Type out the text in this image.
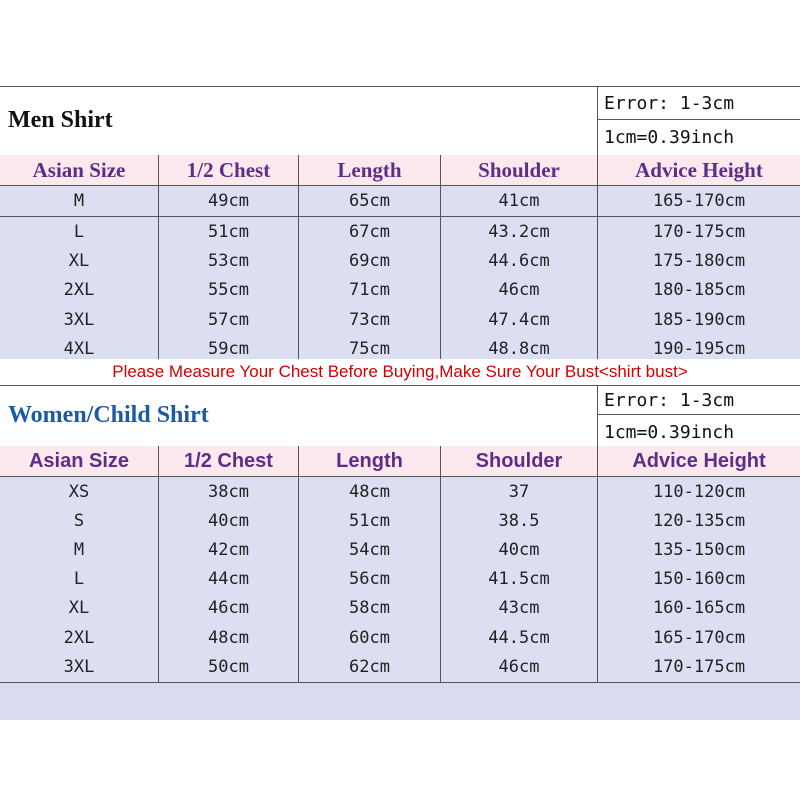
Men Shirt
Error: 1-3cm
1cm=0.39inch
Asian Size	1/2 Chest	Length	Shoulder	Advice Height
M	49cm	65cm	41cm	165-170cm
L	51cm	67cm	43.2cm	170-175cm
XL	53cm	69cm	44.6cm	175-180cm
2XL	55cm	71cm	46cm	180-185cm
3XL	57cm	73cm	47.4cm	185-190cm
4XL	59cm	75cm	48.8cm	190-195cm
Please Measure Your Chest Before Buying,Make Sure Your Bust<shirt bust>
Women/Child Shirt
Error: 1-3cm
1cm=0.39inch
Asian Size	1/2 Chest	Length	Shoulder	Advice Height
XS	38cm	48cm	37	110-120cm
S	40cm	51cm	38.5	120-135cm
M	42cm	54cm	40cm	135-150cm
L	44cm	56cm	41.5cm	150-160cm
XL	46cm	58cm	43cm	160-165cm
2XL	48cm	60cm	44.5cm	165-170cm
3XL	50cm	62cm	46cm	170-175cm
